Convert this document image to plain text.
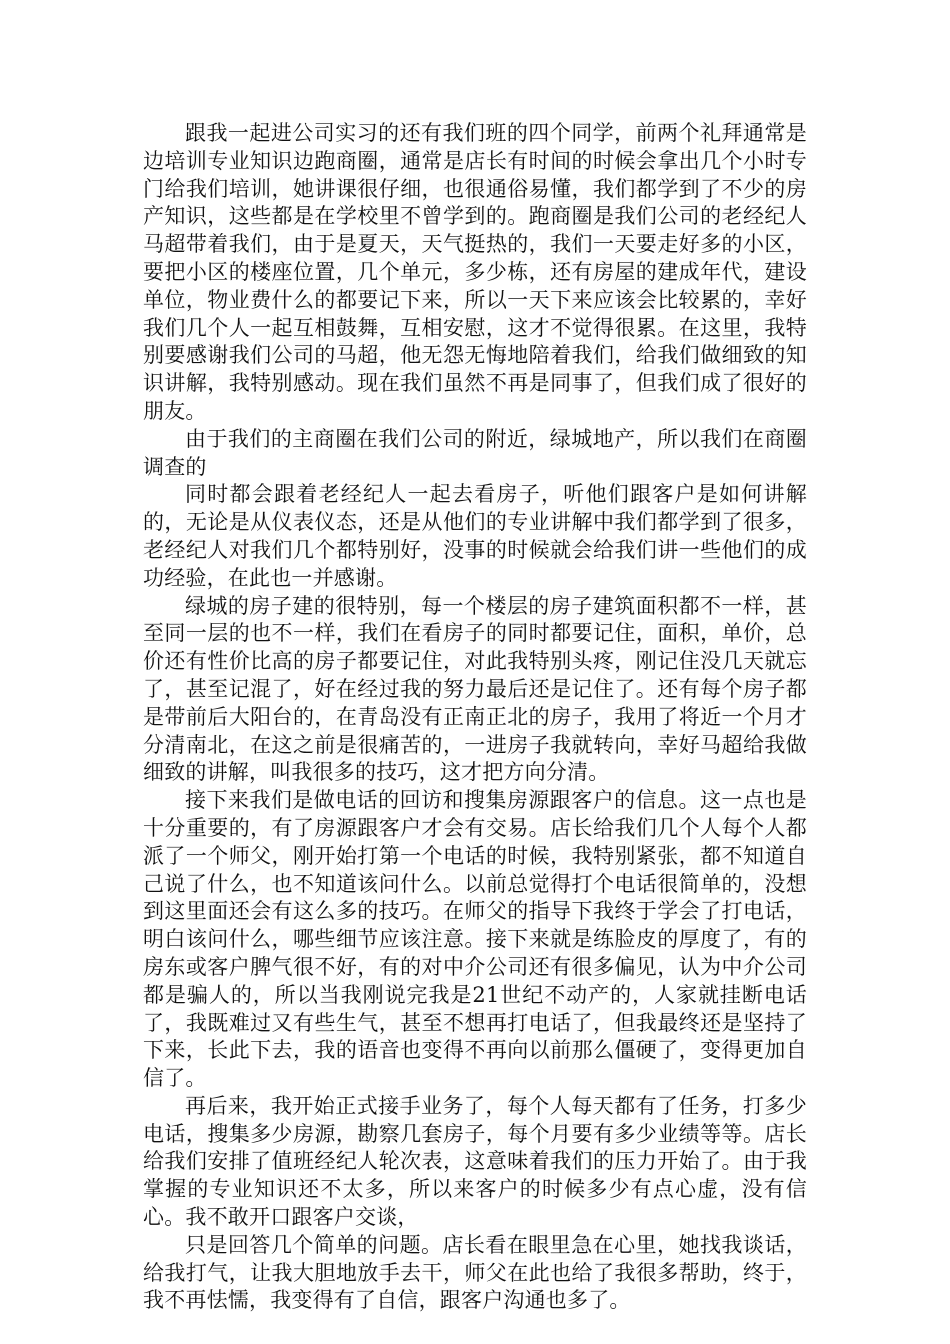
跟我一起进公司实习的还有我们班的四个同学，前两个礼拜通常是边培训专业知识边跑商圈，通常是店长有时间的时候会拿出几个小时专门给我们培训，她讲课很仔细，也很通俗易懂，我们都学到了不少的房产知识，这些都是在学校里不曾学到的。跑商圈是我们公司的老经纪人马超带着我们，由于是夏天，天气挺热的，我们一天要走好多的小区，要把小区的楼座位置，几个单元，多少栋，还有房屋的建成年代，建设单位，物业费什么的都要记下来，所以一天下来应该会比较累的，幸好我们几个人一起互相鼓舞，互相安慰，这才不觉得很累。在这里，我特别要感谢我们公司的马超，他无怨无悔地陪着我们，给我们做细致的知识讲解，我特别感动。现在我们虽然不再是同事了，但我们成了很好的朋友。

由于我们的主商圈在我们公司的附近，绿城地产，所以我们在商圈调查的

同时都会跟着老经纪人一起去看房子，听他们跟客户是如何讲解的，无论是从仪表仪态，还是从他们的专业讲解中我们都学到了很多，老经纪人对我们几个都特别好，没事的时候就会给我们讲一些他们的成功经验，在此也一并感谢。

绿城的房子建的很特别，每一个楼层的房子建筑面积都不一样，甚至同一层的也不一样，我们在看房子的同时都要记住，面积，单价，总价还有性价比高的房子都要记住，对此我特别头疼，刚记住没几天就忘了，甚至记混了，好在经过我的努力最后还是记住了。还有每个房子都是带前后大阳台的，在青岛没有正南正北的房子，我用了将近一个月才分清南北，在这之前是很痛苦的，一进房子我就转向，幸好马超给我做细致的讲解，叫我很多的技巧，这才把方向分清。

接下来我们是做电话的回访和搜集房源跟客户的信息。这一点也是十分重要的，有了房源跟客户才会有交易。店长给我们几个人每个人都派了一个师父，刚开始打第一个电话的时候，我特别紧张，都不知道自己说了什么，也不知道该问什么。以前总觉得打个电话很简单的，没想到这里面还会有这么多的技巧。在师父的指导下我终于学会了打电话，明白该问什么，哪些细节应该注意。接下来就是练脸皮的厚度了，有的房东或客户脾气很不好，有的对中介公司还有很多偏见，认为中介公司都是骗人的，所以当我刚说完我是21世纪不动产的，人家就挂断电话了，我既难过又有些生气，甚至不想再打电话了，但我最终还是坚持了下来，长此下去，我的语音也变得不再向以前那么僵硬了，变得更加自信了。

再后来，我开始正式接手业务了，每个人每天都有了任务，打多少电话，搜集多少房源，勘察几套房子，每个月要有多少业绩等等。店长给我们安排了值班经纪人轮次表，这意味着我们的压力开始了。由于我掌握的专业知识还不太多，所以来客户的时候多少有点心虚，没有信心。我不敢开口跟客户交谈，

只是回答几个简单的问题。店长看在眼里急在心里，她找我谈话，给我打气，让我大胆地放手去干，师父在此也给了我很多帮助，终于，我不再怯懦，我变得有了自信，跟客户沟通也多了。
